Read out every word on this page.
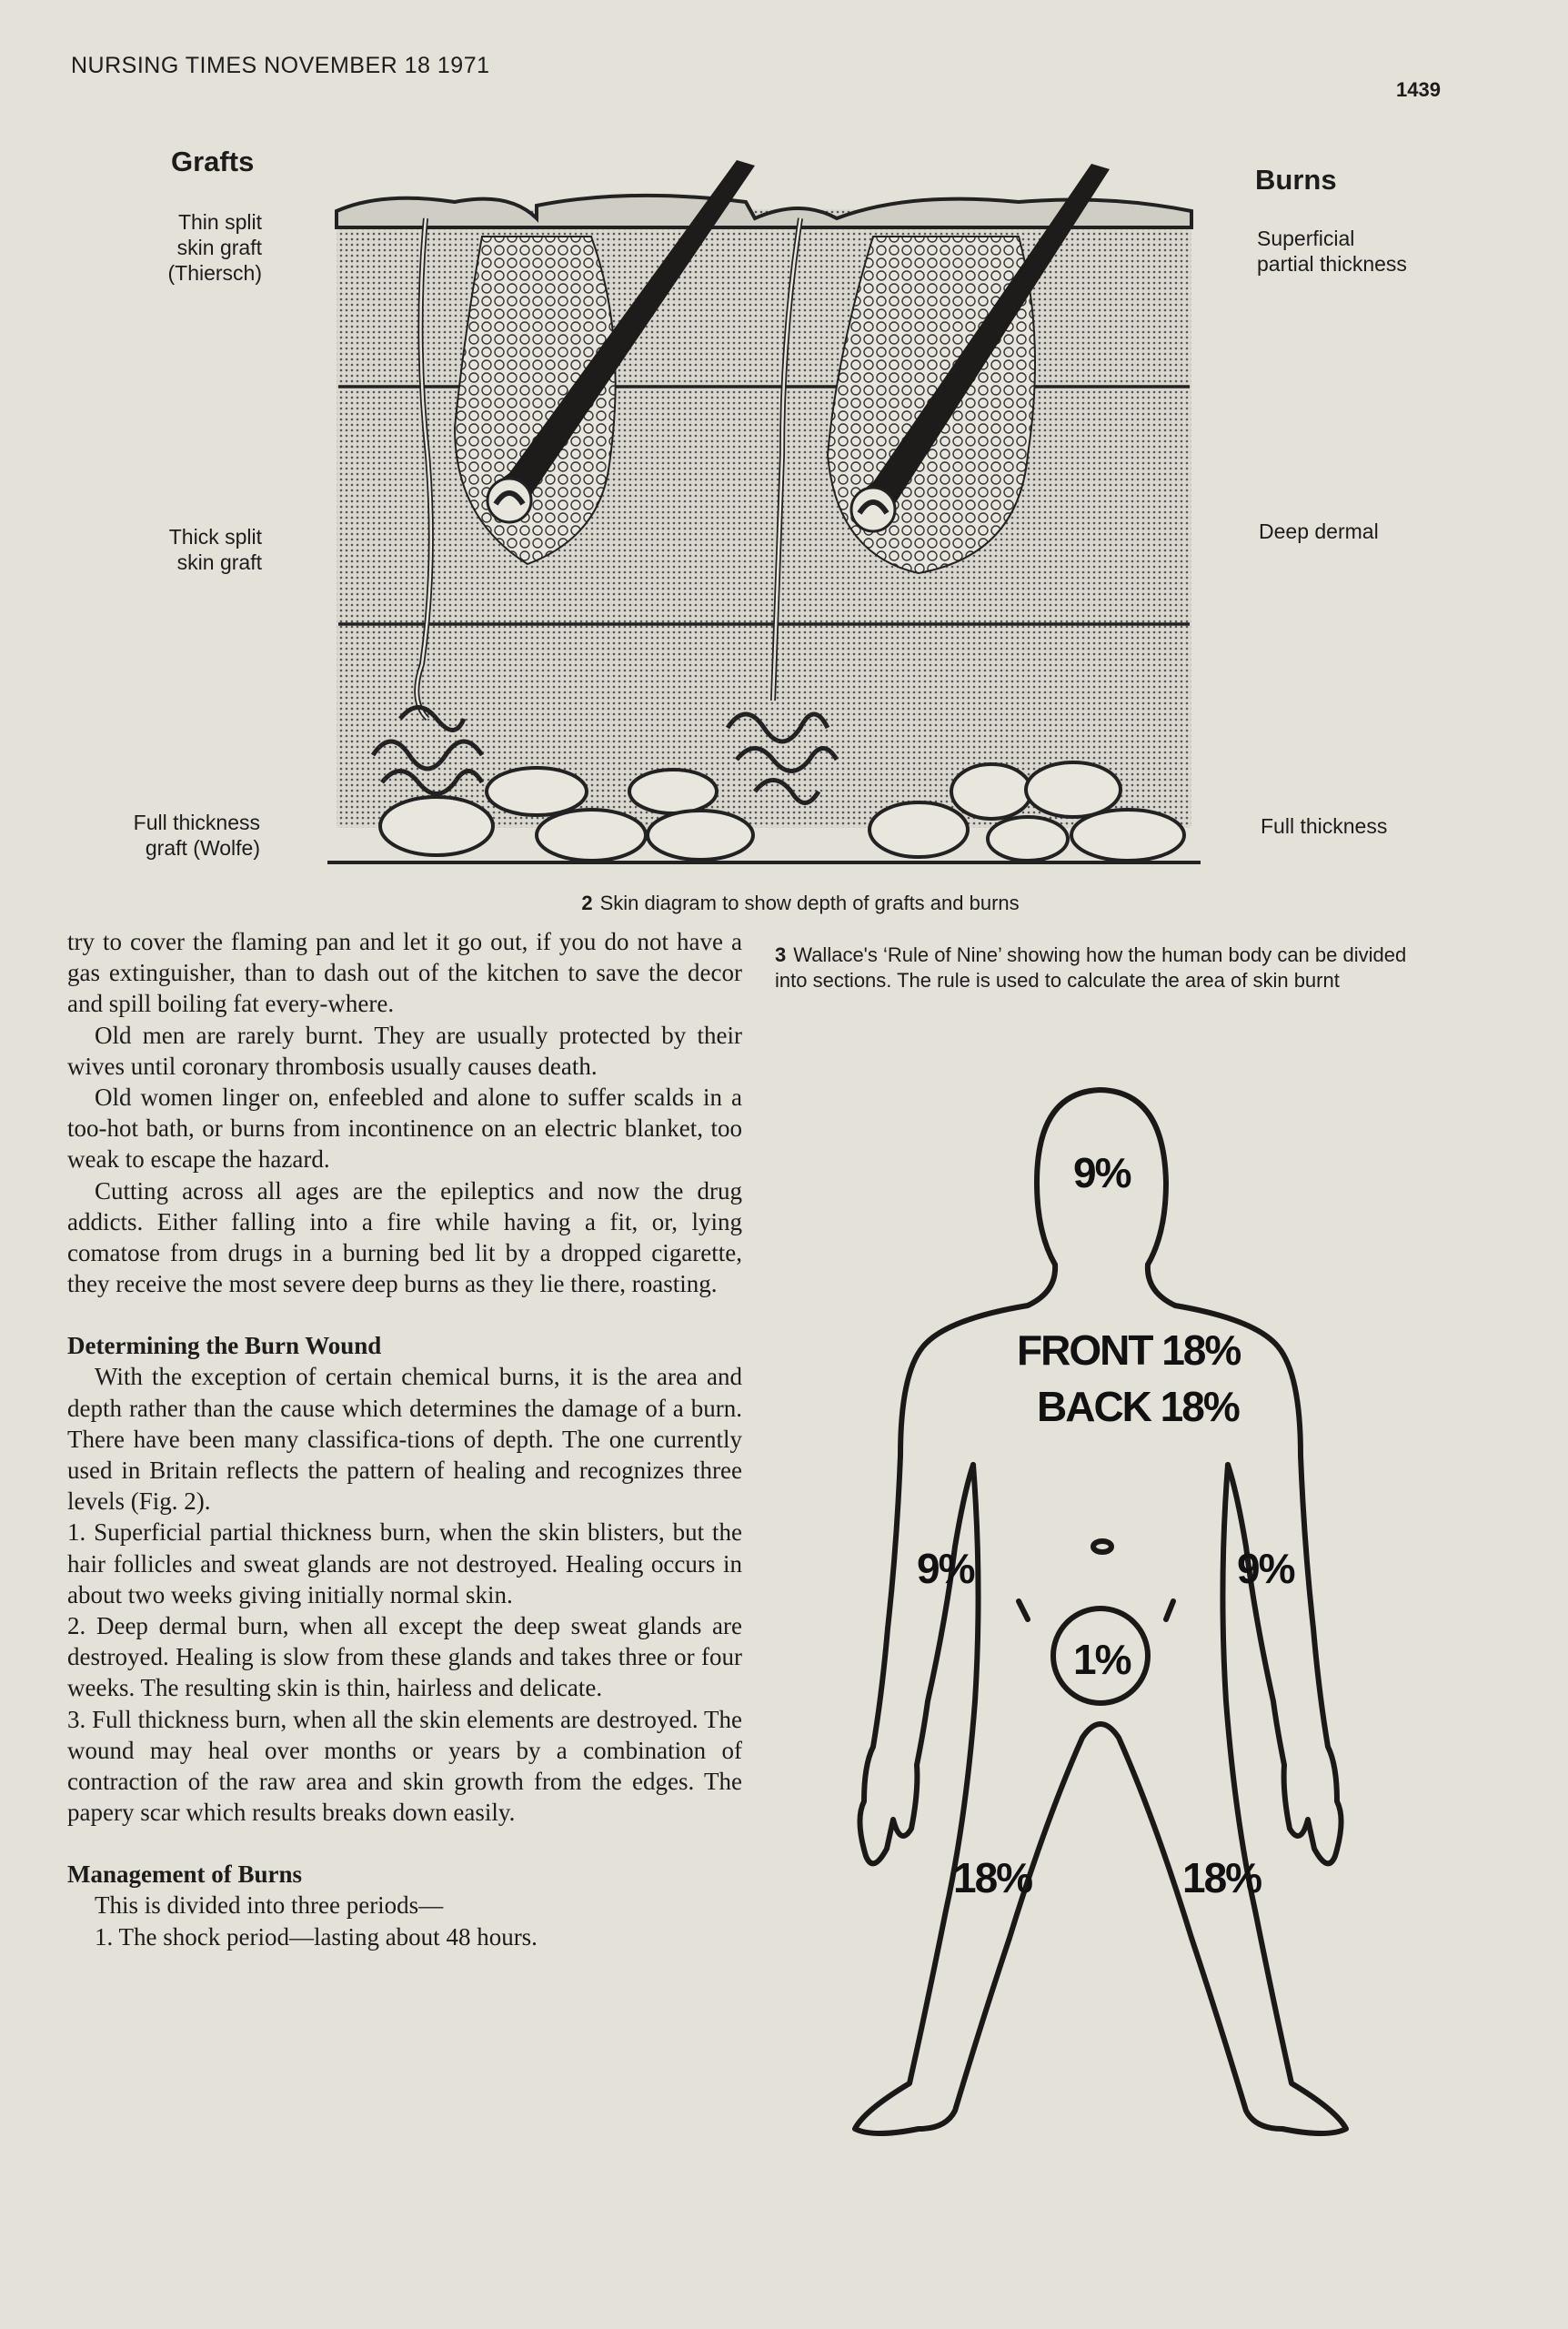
NURSING TIMES NOVEMBER 18 1971
1439
Grafts
Burns
Thin split
skin graft
(Thiersch)
Thick split
skin graft
Full thickness
graft (Wolfe)
Superficial
partial thickness
Deep dermal
Full thickness
2 Skin diagram to show depth of grafts and burns
3 Wallace's ‘Rule of Nine’ showing how the human body can be divided into sections. The rule is used to calculate the area of skin burnt

try to cover the flaming pan and let it go out, if you do not have a gas extinguisher, than to dash out of the kitchen to save the decor and spill boiling fat every-where.

Old men are rarely burnt. They are usually protected by their wives until coronary thrombosis usually causes death.

Old women linger on, enfeebled and alone to suffer scalds in a too-hot bath, or burns from incontinence on an electric blanket, too weak to escape the hazard.

Cutting across all ages are the epileptics and now the drug addicts. Either falling into a fire while having a fit, or, lying comatose from drugs in a burning bed lit by a dropped cigarette, they receive the most severe deep burns as they lie there, roasting.

Determining the Burn Wound

With the exception of certain chemical burns, it is the area and depth rather than the cause which determines the damage of a burn. There have been many classifica-tions of depth. The one currently used in Britain reflects the pattern of healing and recognizes three levels (Fig. 2).

1. Superficial partial thickness burn, when the skin blisters, but the hair follicles and sweat glands are not destroyed. Healing occurs in about two weeks giving initially normal skin.

2. Deep dermal burn, when all except the deep sweat glands are destroyed. Healing is slow from these glands and takes three or four weeks. The resulting skin is thin, hairless and delicate.

3. Full thickness burn, when all the skin elements are destroyed. The wound may heal over months or years by a combination of contraction of the raw area and skin growth from the edges. The papery scar which results breaks down easily.

Management of Burns

This is divided into three periods—

1. The shock period—lasting about 48 hours.

9%
FRONT 18%
BACK 18%
9%	9%
1%
18%	18%
